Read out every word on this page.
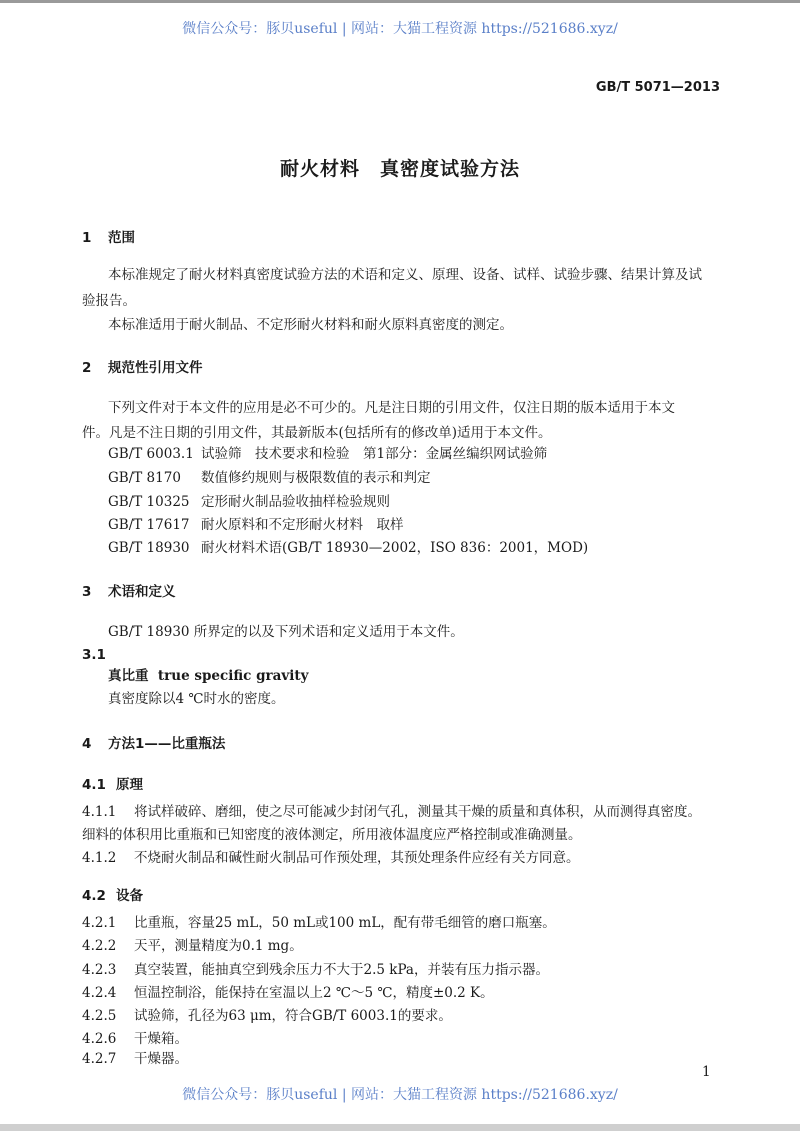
微信公众号：豚贝useful | 网站：大猫工程资源 https://521686.xyz/
GB/T 5071—2013
耐火材料　真密度试验方法
1 范围
本标准规定了耐火材料真密度试验方法的术语和定义、原理、设备、试样、试验步骤、结果计算及试
验报告。
本标准适用于耐火制品、不定形耐火材料和耐火原料真密度的测定。
2 规范性引用文件
下列文件对于本文件的应用是必不可少的。凡是注日期的引用文件，仅注日期的版本适用于本文
件。凡是不注日期的引用文件，其最新版本(包括所有的修改单)适用于本文件。
GB/T 6003.1 试验筛　技术要求和检验　第1部分：金属丝编织网试验筛
GB/T 8170 数值修约规则与极限数值的表示和判定
GB/T 10325 定形耐火制品验收抽样检验规则
GB/T 17617 耐火原料和不定形耐火材料　取样
GB/T 18930 耐火材料术语(GB/T 18930—2002，ISO 836：2001，MOD)
3 术语和定义
GB/T 18930 所界定的以及下列术语和定义适用于本文件。
3.1
真比重 true specific gravity
真密度除以4 ℃时水的密度。
4 方法1——比重瓶法
4.1 原理
4.1.1 将试样破碎、磨细，使之尽可能减少封闭气孔，测量其干燥的质量和真体积，从而测得真密度。
细料的体积用比重瓶和已知密度的液体测定，所用液体温度应严格控制或准确测量。
4.1.2 不烧耐火制品和碱性耐火制品可作预处理，其预处理条件应经有关方同意。
4.2 设备
4.2.1 比重瓶，容量25 mL，50 mL或100 mL，配有带毛细管的磨口瓶塞。
4.2.2 天平，测量精度为0.1 mg。
4.2.3 真空装置，能抽真空到残余压力不大于2.5 kPa，并装有压力指示器。
4.2.4 恒温控制浴，能保持在室温以上2 ℃～5 ℃，精度±0.2 K。
4.2.5 试验筛，孔径为63 μm，符合GB/T 6003.1的要求。
4.2.6 干燥箱。
4.2.7 干燥器。
1
微信公众号：豚贝useful | 网站：大猫工程资源 https://521686.xyz/
